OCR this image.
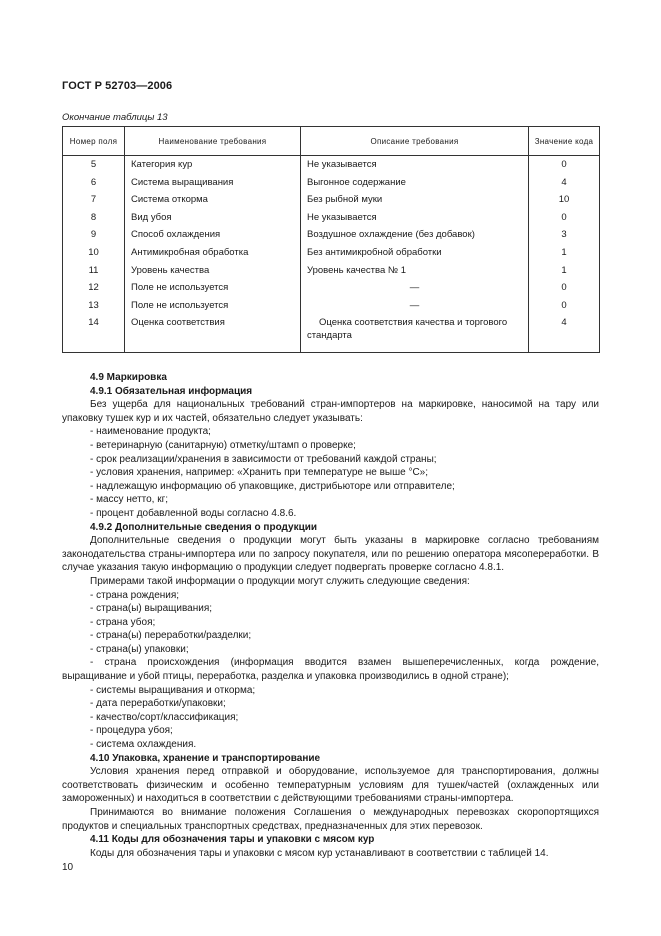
ГОСТ Р 52703—2006
Окончание таблицы 13
Номер поля	Наименование требования	Описание требования	Значение кода
5	Категория кур	Не указывается	0
6	Система выращивания	Выгонное содержание	4
7	Система откорма	Без рыбной муки	10
8	Вид убоя	Не указывается	0
9	Способ охлаждения	Воздушное охлаждение (без добавок)	3
10	Антимикробная обработка	Без антимикробной обработки	1
11	Уровень качества	Уровень качества № 1	1
12	Поле не используется	—	0
13	Поле не используется	—	0
14	Оценка соответствия	Оценка соответствия качества и торгового стандарта	4

4.9 Маркировка

4.9.1 Обязательная информация

Без ущерба для национальных требований стран-импортеров на маркировке, наносимой на тару или упаковку тушек кур и их частей, обязательно следует указывать:

- наименование продукта;

- ветеринарную (санитарную) отметку/штамп о проверке;

- срок реализации/хранения в зависимости от требований каждой страны;

- условия хранения, например: «Хранить при температуре не выше °С»;

- надлежащую информацию об упаковщике, дистрибьюторе или отправителе;

- массу нетто, кг;

- процент добавленной воды согласно 4.8.6.

4.9.2 Дополнительные сведения о продукции

Дополнительные сведения о продукции могут быть указаны в маркировке согласно требованиям законодательства страны-импортера или по запросу покупателя, или по решению оператора мясопереработки. В случае указания такую информацию о продукции следует подвергать проверке согласно 4.8.1.

Примерами такой информации о продукции могут служить следующие сведения:

- страна рождения;

- страна(ы) выращивания;

- страна убоя;

- страна(ы) переработки/разделки;

- страна(ы) упаковки;

- страна происхождения (информация вводится взамен вышеперечисленных, когда рождение, выращивание и убой птицы, переработка, разделка и упаковка производились в одной стране);

- системы выращивания и откорма;

- дата переработки/упаковки;

- качество/сорт/классификация;

- процедура убоя;

- система охлаждения.

4.10 Упаковка, хранение и транспортирование

Условия хранения перед отправкой и оборудование, используемое для транспортирования, должны соответствовать физическим и особенно температурным условиям для тушек/частей (охлажденных или замороженных) и находиться в соответствии с действующими требованиями страны-импортера.

Принимаются во внимание положения Соглашения о международных перевозках скоропортящихся продуктов и специальных транспортных средствах, предназначенных для этих перевозок.

4.11 Коды для обозначения тары и упаковки с мясом кур

Коды для обозначения тары и упаковки с мясом кур устанавливают в соответствии с таблицей 14.

10
